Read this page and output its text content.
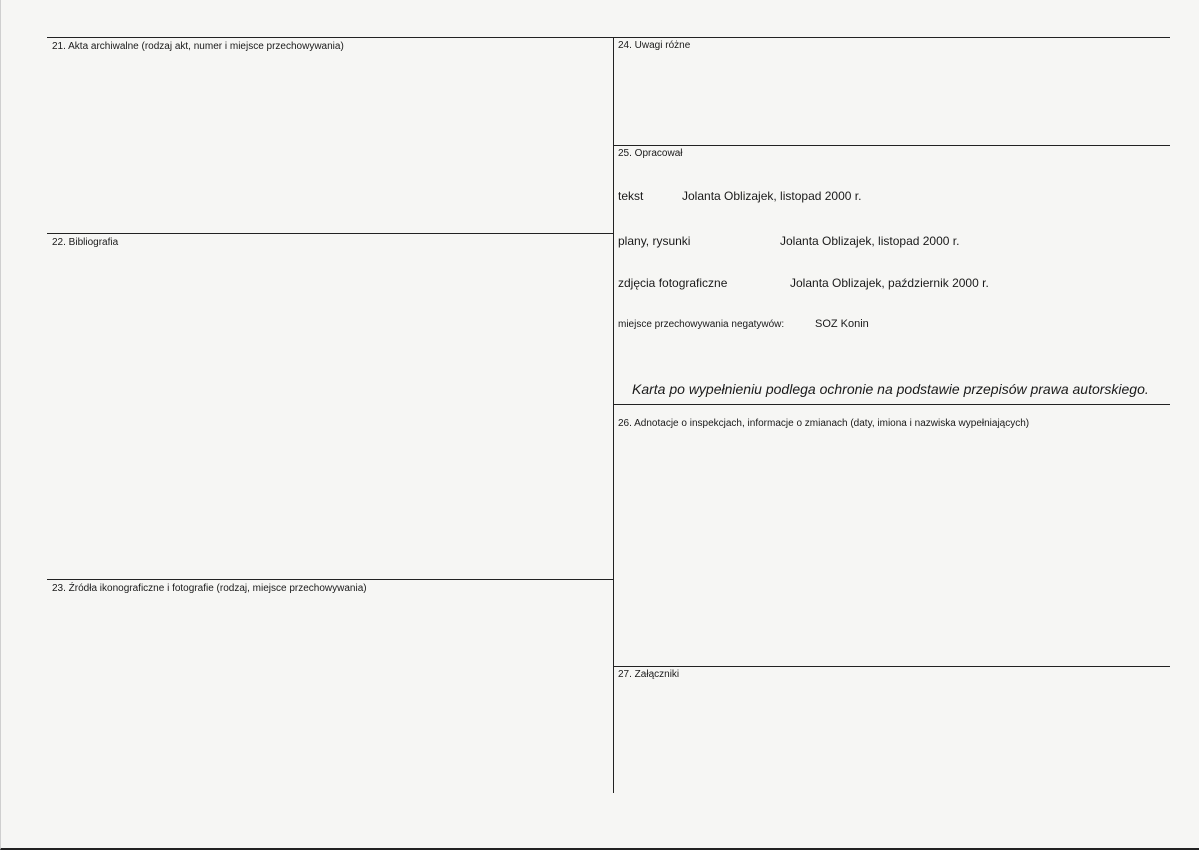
21. Akta archiwalne (rodzaj akt, numer i miejsce przechowywania)
22. Bibliografia
23. Źródła ikonograficzne i fotografie (rodzaj, miejsce przechowywania)
24. Uwagi różne
25. Opracował
tekst	Jolanta Oblizajek, listopad 2000 r.
plany, rysunki	Jolanta Oblizajek, listopad 2000 r.
zdjęcia fotograficzne	Jolanta Oblizajek, październik 2000 r.
miejsce przechowywania negatywów:	SOZ Konin
Karta po wypełnieniu podlega ochronie na podstawie przepisów prawa autorskiego.
26. Adnotacje o inspekcjach, informacje o zmianach (daty, imiona i nazwiska wypełniających)
27. Załączniki
